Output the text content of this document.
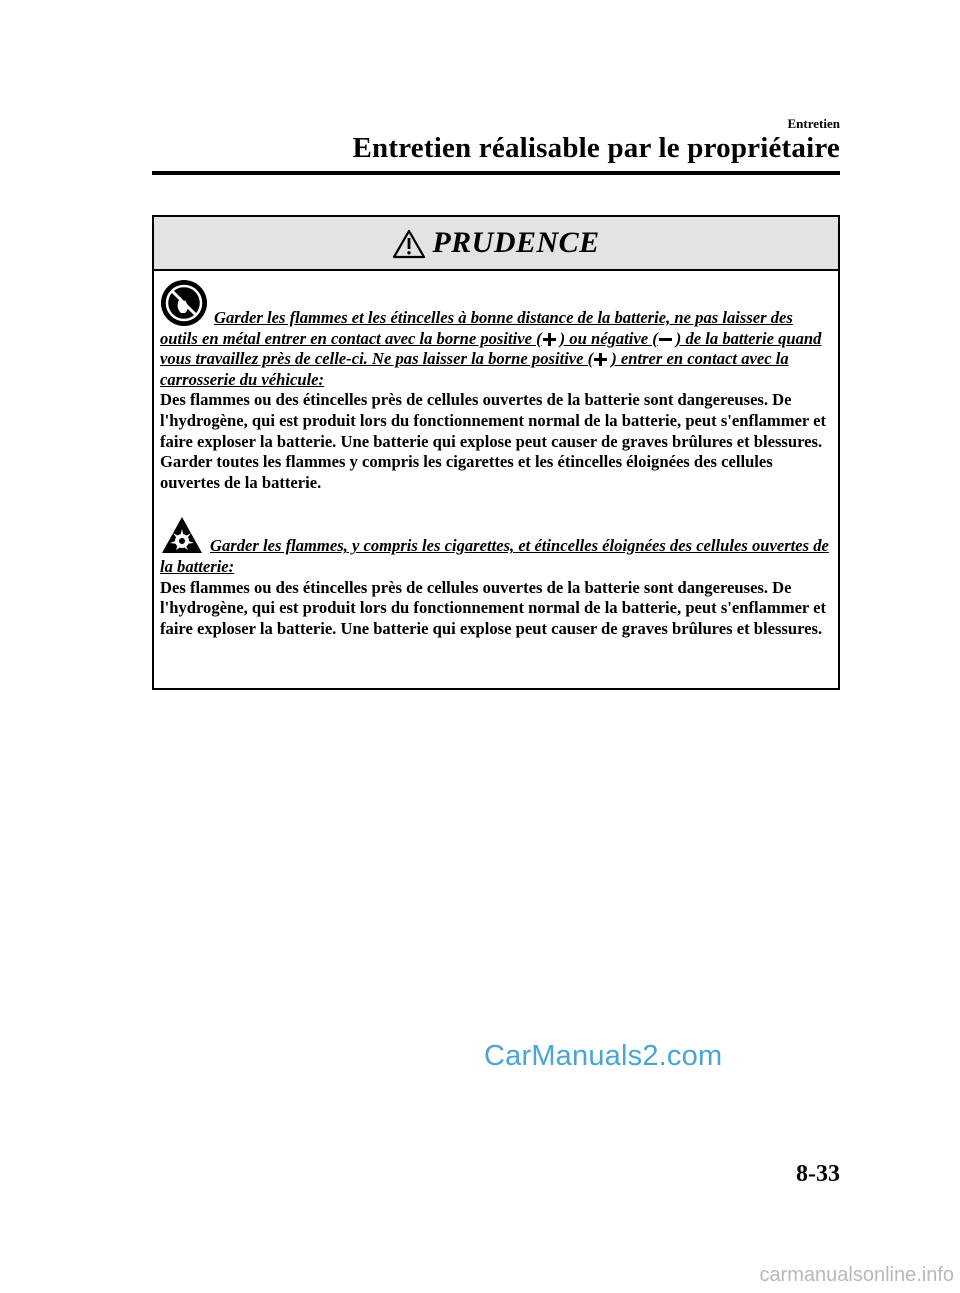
Entretien
Entretien réalisable par le propriétaire
PRUDENCE

Garder les flammes et les étincelles à bonne distance de la batterie, ne pas laisser des outils en métal entrer en contact avec la borne positive ( ) ou négative ( ) de la batterie quand vous travaillez près de celle-ci. Ne pas laisser la borne positive ( ) entrer en contact avec la carrosserie du véhicule:
Des flammes ou des étincelles près de cellules ouvertes de la batterie sont dangereuses. De l'hydrogène, qui est produit lors du fonctionnement normal de la batterie, peut s'enflammer et faire exploser la batterie. Une batterie qui explose peut causer de graves brûlures et blessures. Garder toutes les flammes y compris les cigarettes et les étincelles éloignées des cellules ouvertes de la batterie.

Garder les flammes, y compris les cigarettes, et étincelles éloignées des cellules ouvertes de la batterie:
Des flammes ou des étincelles près de cellules ouvertes de la batterie sont dangereuses. De l'hydrogène, qui est produit lors du fonctionnement normal de la batterie, peut s'enflammer et faire exploser la batterie. Une batterie qui explose peut causer de graves brûlures et blessures.

CarManuals2.com
8-33
carmanualsonline.info
